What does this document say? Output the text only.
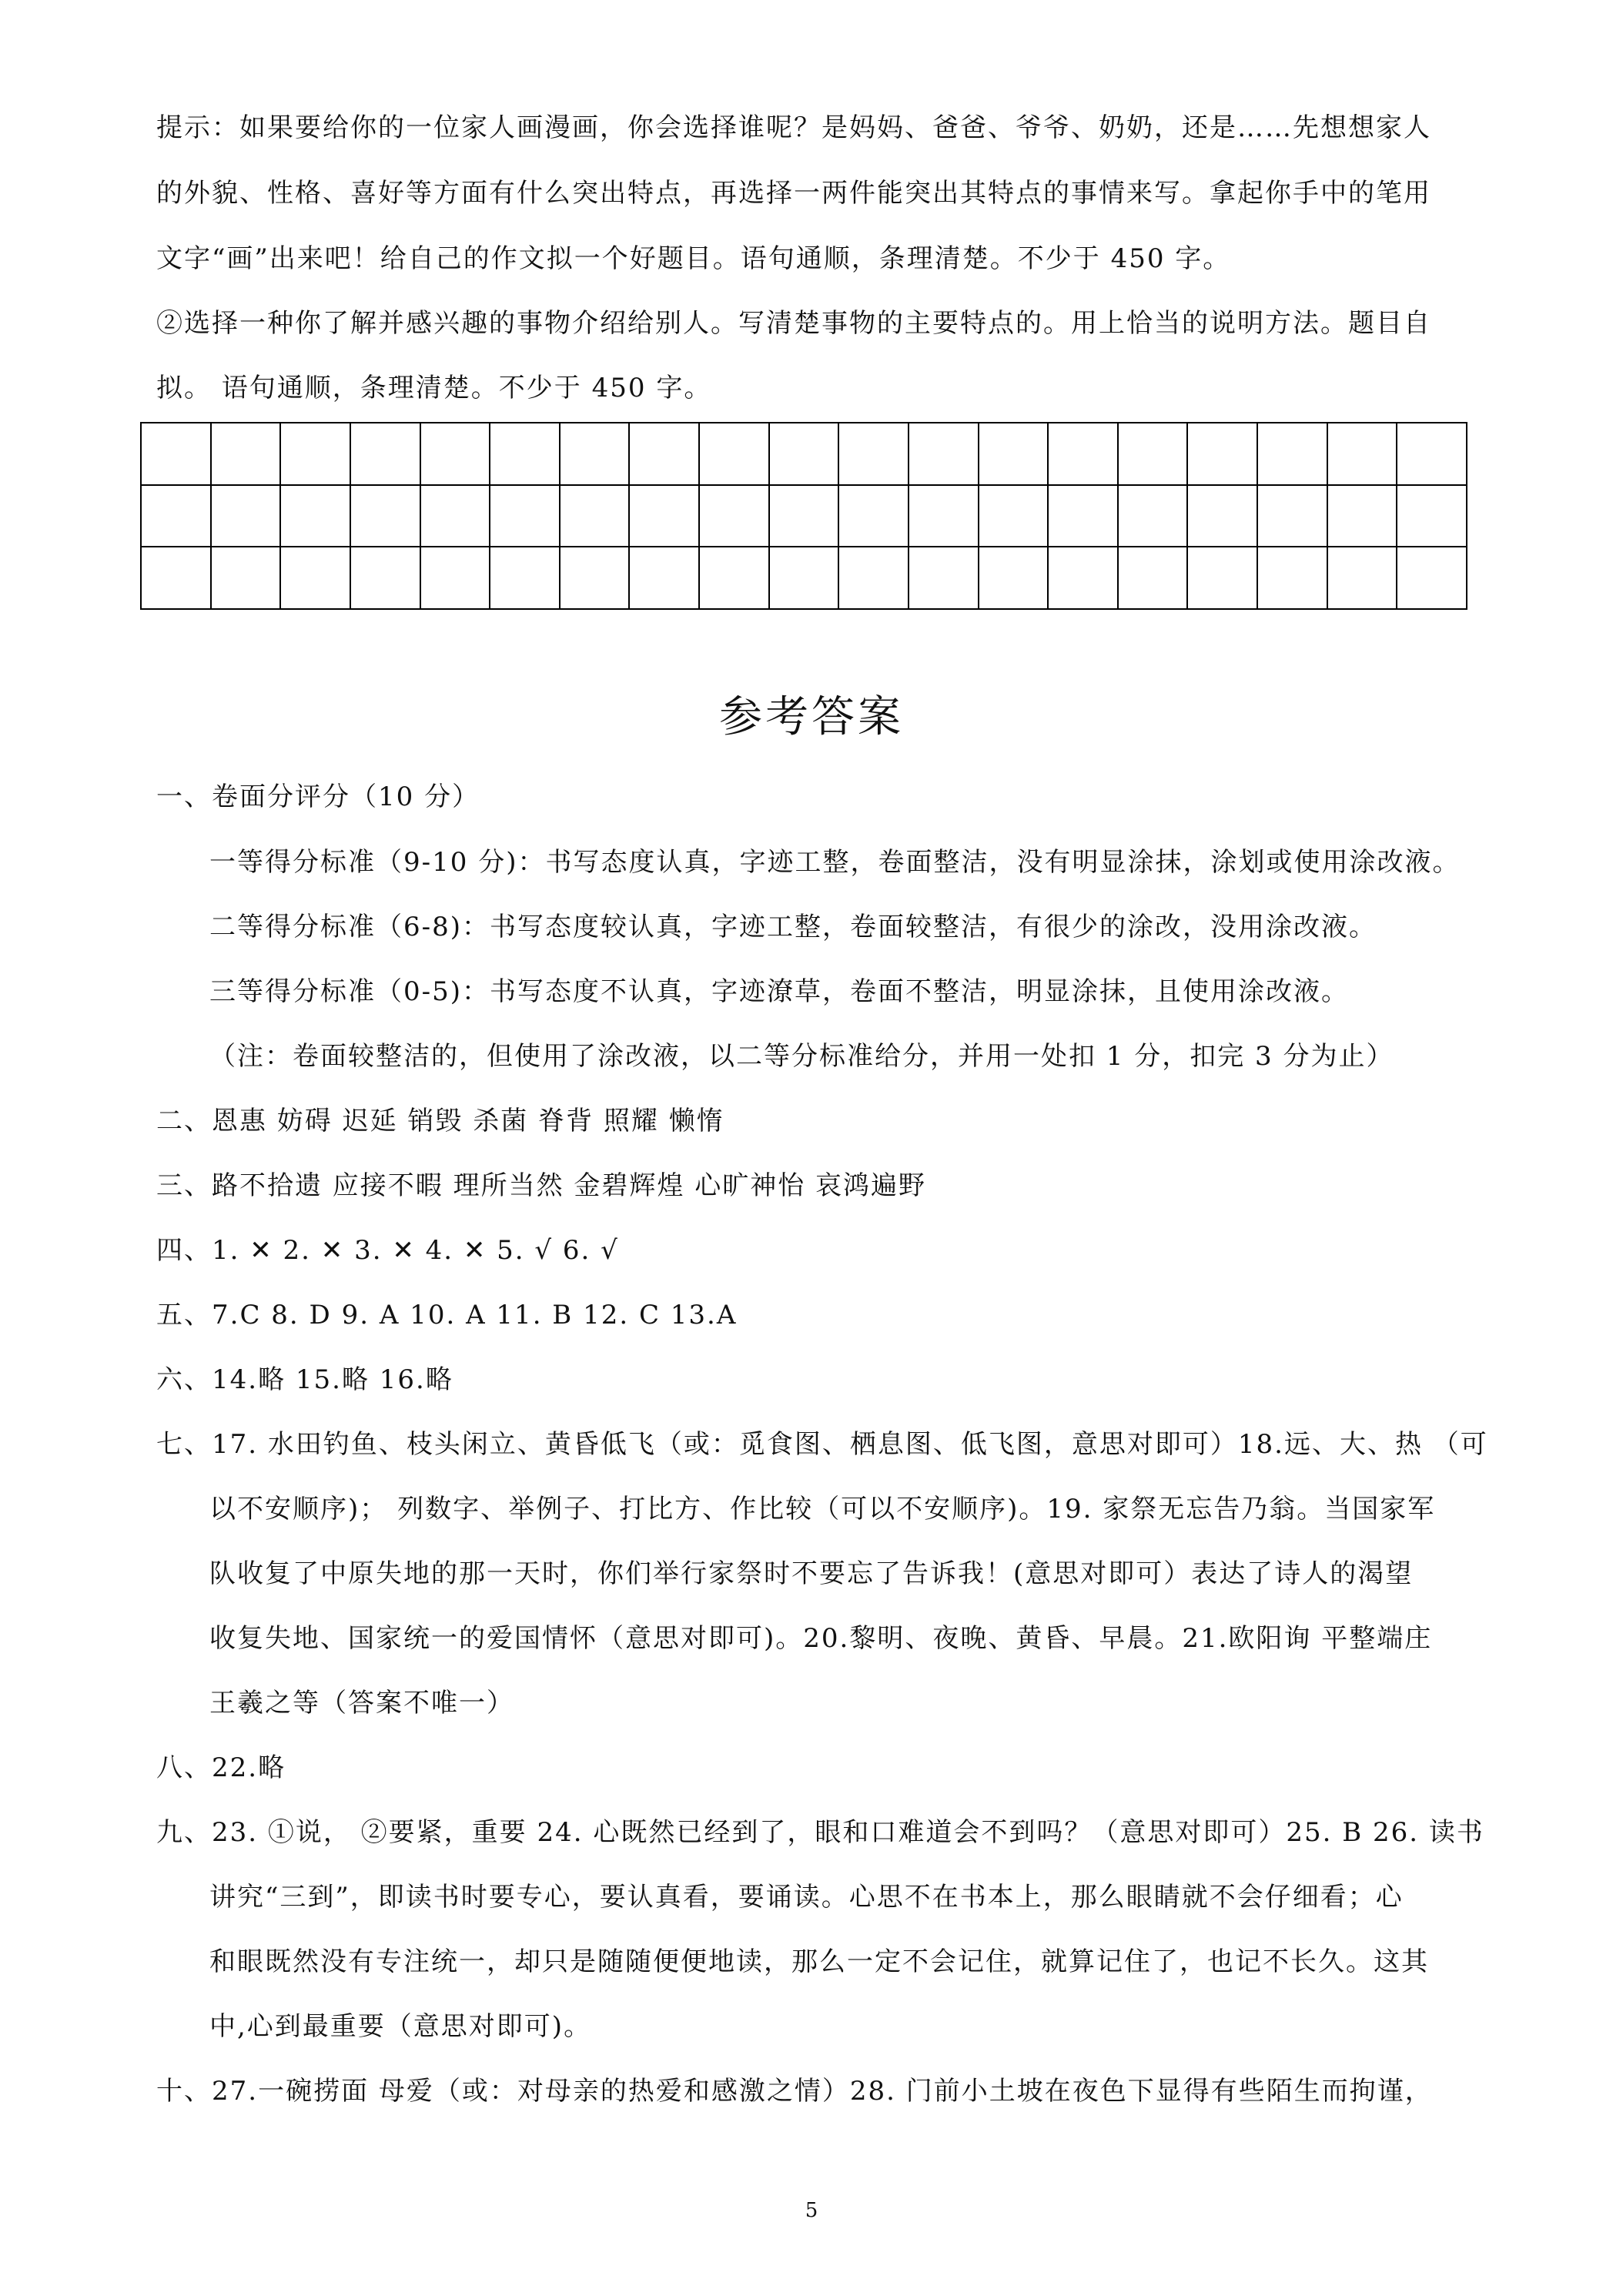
提示：如果要给你的一位家人画漫画，你会选择谁呢？是妈妈、爸爸、爷爷、奶奶，还是……先想想家人
的外貌、性格、喜好等方面有什么突出特点，再选择一两件能突出其特点的事情来写。拿起你手中的笔用
文字“画”出来吧！给自己的作文拟一个好题目。语句通顺，条理清楚。不少于 450 字。
②选择一种你了解并感兴趣的事物介绍给别人。写清楚事物的主要特点的。用上恰当的说明方法。题目自
拟。 语句通顺，条理清楚。不少于 450 字。

参考答案
一、卷面分评分（10 分）
一等得分标准（9-10 分)：书写态度认真，字迹工整，卷面整洁，没有明显涂抹，涂划或使用涂改液。
二等得分标准（6-8)：书写态度较认真，字迹工整，卷面较整洁，有很少的涂改，没用涂改液。
三等得分标准（0-5)：书写态度不认真，字迹潦草，卷面不整洁，明显涂抹，且使用涂改液。
（注：卷面较整洁的，但使用了涂改液，以二等分标准给分，并用一处扣 1 分，扣完 3 分为止）
二、恩惠 妨碍 迟延 销毁 杀菌 脊背 照耀 懒惰
三、路不拾遗 应接不暇 理所当然 金碧辉煌 心旷神怡 哀鸿遍野
四、1. ✕ 2. ✕ 3. ✕ 4. ✕ 5. √ 6. √
五、7.C 8. D 9. A 10. A 11. B 12. C 13.A
六、14.略 15.略 16.略
七、17. 水田钓鱼、枝头闲立、黄昏低飞（或：觅食图、栖息图、低飞图，意思对即可）18.远、大、热 （可
以不安顺序)； 列数字、举例子、打比方、作比较（可以不安顺序)。19. 家祭无忘告乃翁。当国家军
队收复了中原失地的那一天时，你们举行家祭时不要忘了告诉我！(意思对即可）表达了诗人的渴望
收复失地、国家统一的爱国情怀（意思对即可)。20.黎明、夜晚、黄昏、早晨。21.欧阳询 平整端庄
王羲之等（答案不唯一）
八、22.略
九、23. ①说， ②要紧，重要 24. 心既然已经到了，眼和口难道会不到吗？（意思对即可）25. B 26. 读书
讲究“三到”，即读书时要专心，要认真看，要诵读。心思不在书本上，那么眼睛就不会仔细看；心
和眼既然没有专注统一，却只是随随便便地读，那么一定不会记住，就算记住了，也记不长久。这其
中,心到最重要（意思对即可)。
十、27.一碗捞面 母爱（或：对母亲的热爱和感激之情）28. 门前小土坡在夜色下显得有些陌生而拘谨，
5
